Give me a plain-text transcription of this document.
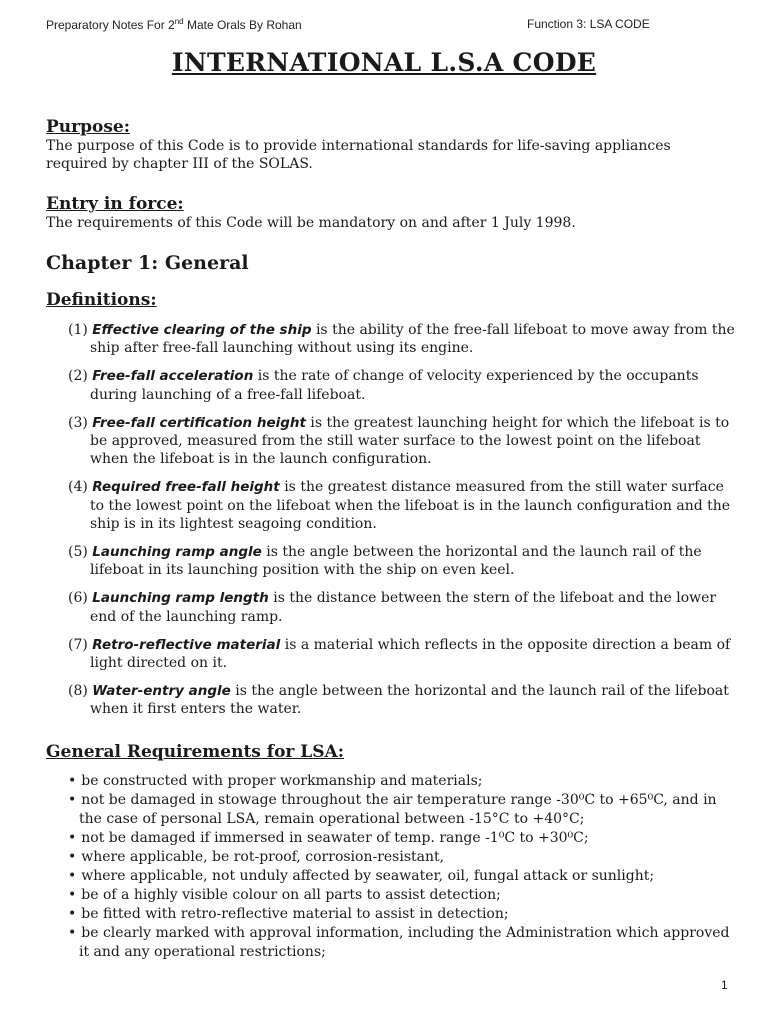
Preparatory Notes For 2nd Mate Orals By Rohan	Function 3: LSA CODE
INTERNATIONAL L.S.A CODE
Purpose:
The purpose of this Code is to provide international standards for life-saving appliances required by chapter III of the SOLAS.
Entry in force:
The requirements of this Code will be mandatory on and after 1 July 1998.
Chapter 1: General
Definitions:
(1) Effective clearing of the ship is the ability of the free-fall lifeboat to move away from the ship after free-fall launching without using its engine.
(2) Free-fall acceleration is the rate of change of velocity experienced by the occupants during launching of a free-fall lifeboat.
(3) Free-fall certification height is the greatest launching height for which the lifeboat is to be approved, measured from the still water surface to the lowest point on the lifeboat when the lifeboat is in the launch configuration.
(4) Required free-fall height is the greatest distance measured from the still water surface to the lowest point on the lifeboat when the lifeboat is in the launch configuration and the ship is in its lightest seagoing condition.
(5) Launching ramp angle is the angle between the horizontal and the launch rail of the lifeboat in its launching position with the ship on even keel.
(6) Launching ramp length is the distance between the stern of the lifeboat and the lower end of the launching ramp.
(7) Retro-reflective material is a material which reflects in the opposite direction a beam of light directed on it.
(8) Water-entry angle is the angle between the horizontal and the launch rail of the lifeboat when it first enters the water.
General Requirements for LSA:
• be constructed with proper workmanship and materials;
• not be damaged in stowage throughout the air temperature range -30⁰C to +65⁰C, and in the case of personal LSA, remain operational between -15°C to +40°C;
• not be damaged if immersed in seawater of temp. range -1⁰C to +30⁰C;
• where applicable, be rot-proof, corrosion-resistant,
• where applicable, not unduly affected by seawater, oil, fungal attack or sunlight;
• be of a highly visible colour on all parts to assist detection;
• be fitted with retro-reflective material to assist in detection;
• be clearly marked with approval information, including the Administration which approved it and any operational restrictions;
1
